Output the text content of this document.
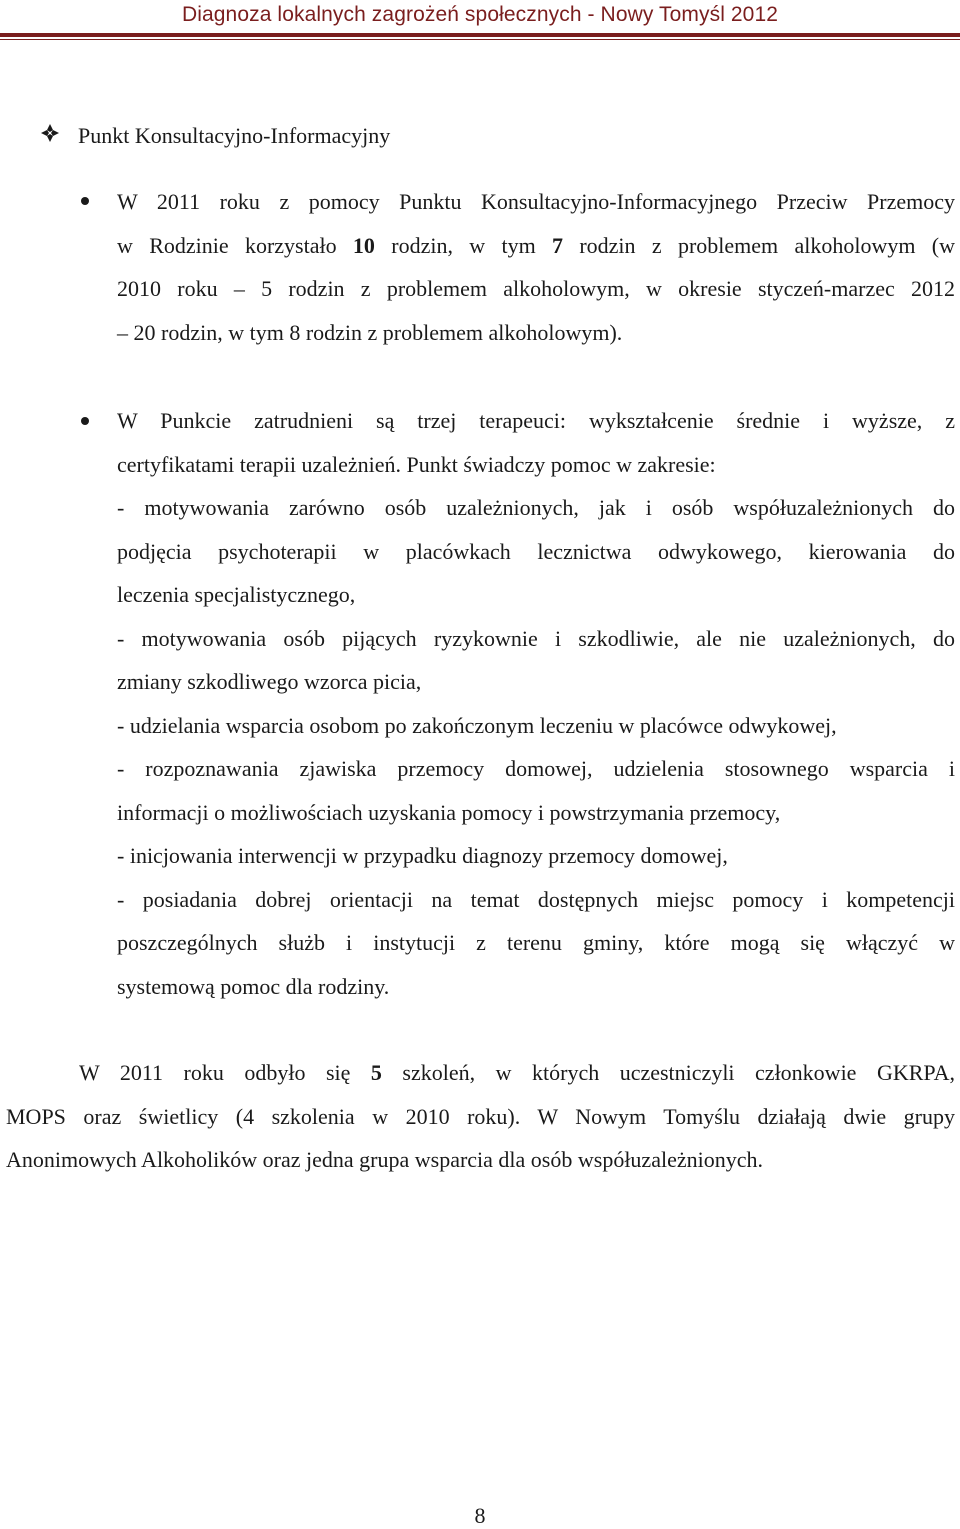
Diagnoza lokalnych zagrożeń społecznych - Nowy Tomyśl 2012
Punkt Konsultacyjno-Informacyjny
W 2011 roku z pomocy Punktu Konsultacyjno-Informacyjnego Przeciw Przemocy
w Rodzinie korzystało 10 rodzin, w tym 7 rodzin z problemem alkoholowym (w
2010 roku – 5 rodzin z problemem alkoholowym, w okresie styczeń-marzec 2012
– 20 rodzin, w tym 8 rodzin z problemem alkoholowym).
W Punkcie zatrudnieni są trzej terapeuci: wykształcenie średnie i wyższe, z
certyfikatami terapii uzależnień. Punkt świadczy pomoc w zakresie:
- motywowania zarówno osób uzależnionych, jak i osób współuzależnionych do
podjęcia psychoterapii w placówkach lecznictwa odwykowego, kierowania do
leczenia specjalistycznego,
- motywowania osób pijących ryzykownie i szkodliwie, ale nie uzależnionych, do
zmiany szkodliwego wzorca picia,
- udzielania wsparcia osobom po zakończonym leczeniu w placówce odwykowej,
- rozpoznawania zjawiska przemocy domowej, udzielenia stosownego wsparcia i
informacji o możliwościach uzyskania pomocy i powstrzymania przemocy,
- inicjowania interwencji w przypadku diagnozy przemocy domowej,
- posiadania dobrej orientacji na temat dostępnych miejsc pomocy i kompetencji
poszczególnych służb i instytucji z terenu gminy, które mogą się włączyć w
systemową pomoc dla rodziny.
W 2011 roku odbyło się 5 szkoleń, w których uczestniczyli członkowie GKRPA,
MOPS oraz świetlicy (4 szkolenia w 2010 roku). W Nowym Tomyślu działają dwie grupy
Anonimowych Alkoholików oraz jedna grupa wsparcia dla osób współuzależnionych.
8
